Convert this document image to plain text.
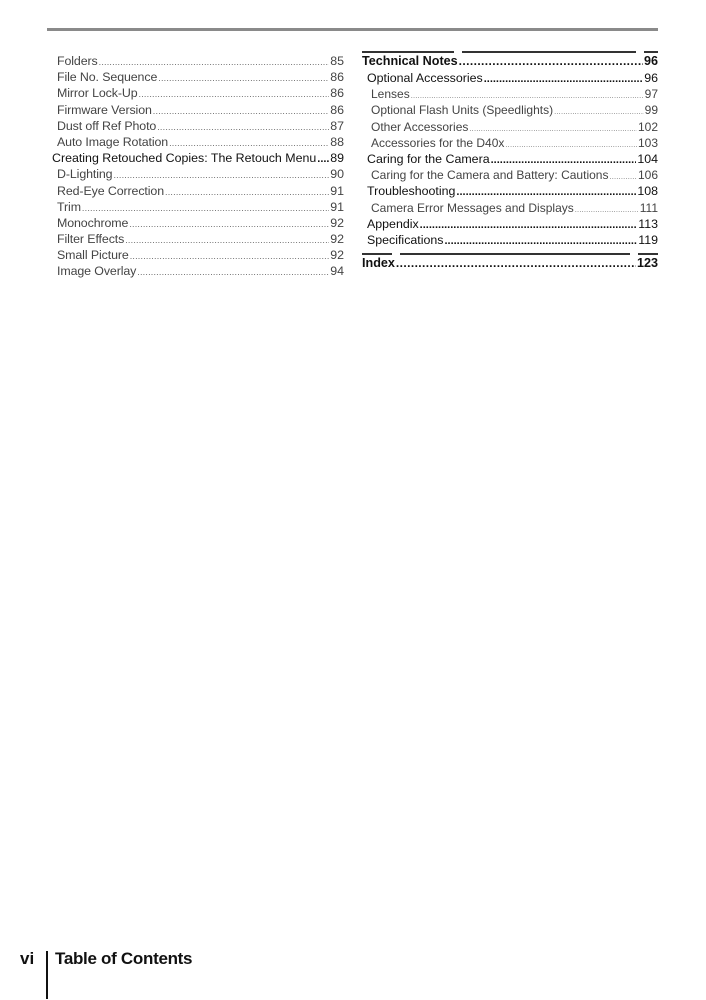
Folders .....	85
File No. Sequence .....	86
Mirror Lock-Up .....	86
Firmware Version .....	86
Dust off Ref Photo .....	87
Auto Image Rotation .....	88
Creating Retouched Copies: The Retouch Menu ..... 89
D-Lighting .....	90
Red-Eye Correction .....	91
Trim .....	91
Monochrome .....	92
Filter Effects .....	92
Small Picture .....	92
Image Overlay .....	94
Technical Notes .....	96
Optional Accessories .....	96
Lenses .....	97
Optional Flash Units (Speedlights) .....	99
Other Accessories .....	102
Accessories for the D40x .....	103
Caring for the Camera .....	104
Caring for the Camera and Battery: Cautions ..... 106
Troubleshooting .....	108
Camera Error Messages and Displays .....	111
Appendix .....	113
Specifications .....	119
Index .....	123
vi Table of Contents
